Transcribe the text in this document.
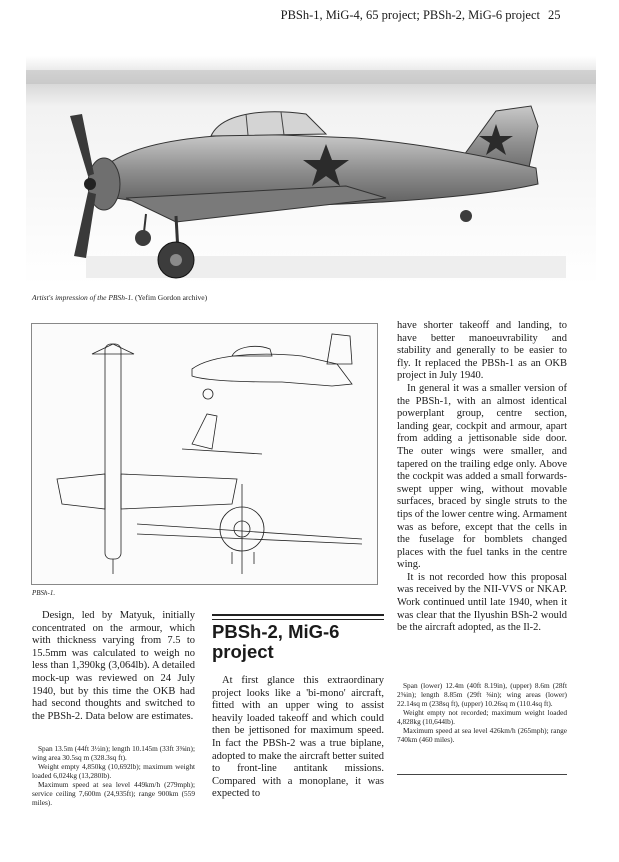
PBSh-1, MiG-4, 65 project; PBSh-2, MiG-6 project 25
Artist's impression of the PBSh-1. (Yefim Gordon archive)
PBSh-1.

Design, led by Matyuk, initially concentrated on the armour, which with thickness varying from 7.5 to 15.5mm was calculated to weigh no less than 1,390kg (3,064lb). A detailed mock-up was reviewed on 24 July 1940, but by this time the OKB had had second thoughts and switched to the PBSh-2. Data below are estimates.

Span 13.5m (44ft 3½in); length 10.145m (33ft 3⅜in); wing area 30.5sq m (328.3sq ft).

Weight empty 4,850kg (10,692lb); maximum weight loaded 6,024kg (13,280lb).

Maximum speed at sea level 449km/h (279mph); service ceiling 7,600m (24,935ft); range 900km (559 miles).

PBSh-2, MiG-6 project

At first glance this extraordinary project looks like a 'bi-mono' aircraft, fitted with an upper wing to assist heavily loaded takeoff and which could then be jettisoned for maximum speed. In fact the PBSh-2 was a true biplane, adopted to make the aircraft better suited to front-line antitank missions. Compared with a monoplane, it was expected to

have shorter takeoff and landing, to have better manoeuvrability and stability and generally to be easier to fly. It replaced the PBSh-1 as an OKB project in July 1940.

In general it was a smaller version of the PBSh-1, with an almost identical powerplant group, centre section, landing gear, cockpit and armour, apart from adding a jettisonable side door. The outer wings were smaller, and tapered on the trailing edge only. Above the cockpit was added a small forwards-swept upper wing, without movable surfaces, braced by single struts to the tips of the lower centre wing. Armament was as before, except that the cells in the fuselage for bomblets changed places with the fuel tanks in the centre wing.

It is not recorded how this proposal was received by the NII-VVS or NKAP. Work continued until late 1940, when it was clear that the Ilyushin BSh-2 would be the aircraft adopted, as the Il-2.

Span (lower) 12.4m (40ft 8.19in), (upper) 8.6m (28ft 2⅝in); length 8.85m (29ft ⅜in); wing areas (lower) 22.14sq m (238sq ft), (upper) 10.26sq m (110.4sq ft).

Weight empty not recorded; maximum weight loaded 4,828kg (10,644lb).

Maximum speed at sea level 426km/h (265mph); range 740km (460 miles).
